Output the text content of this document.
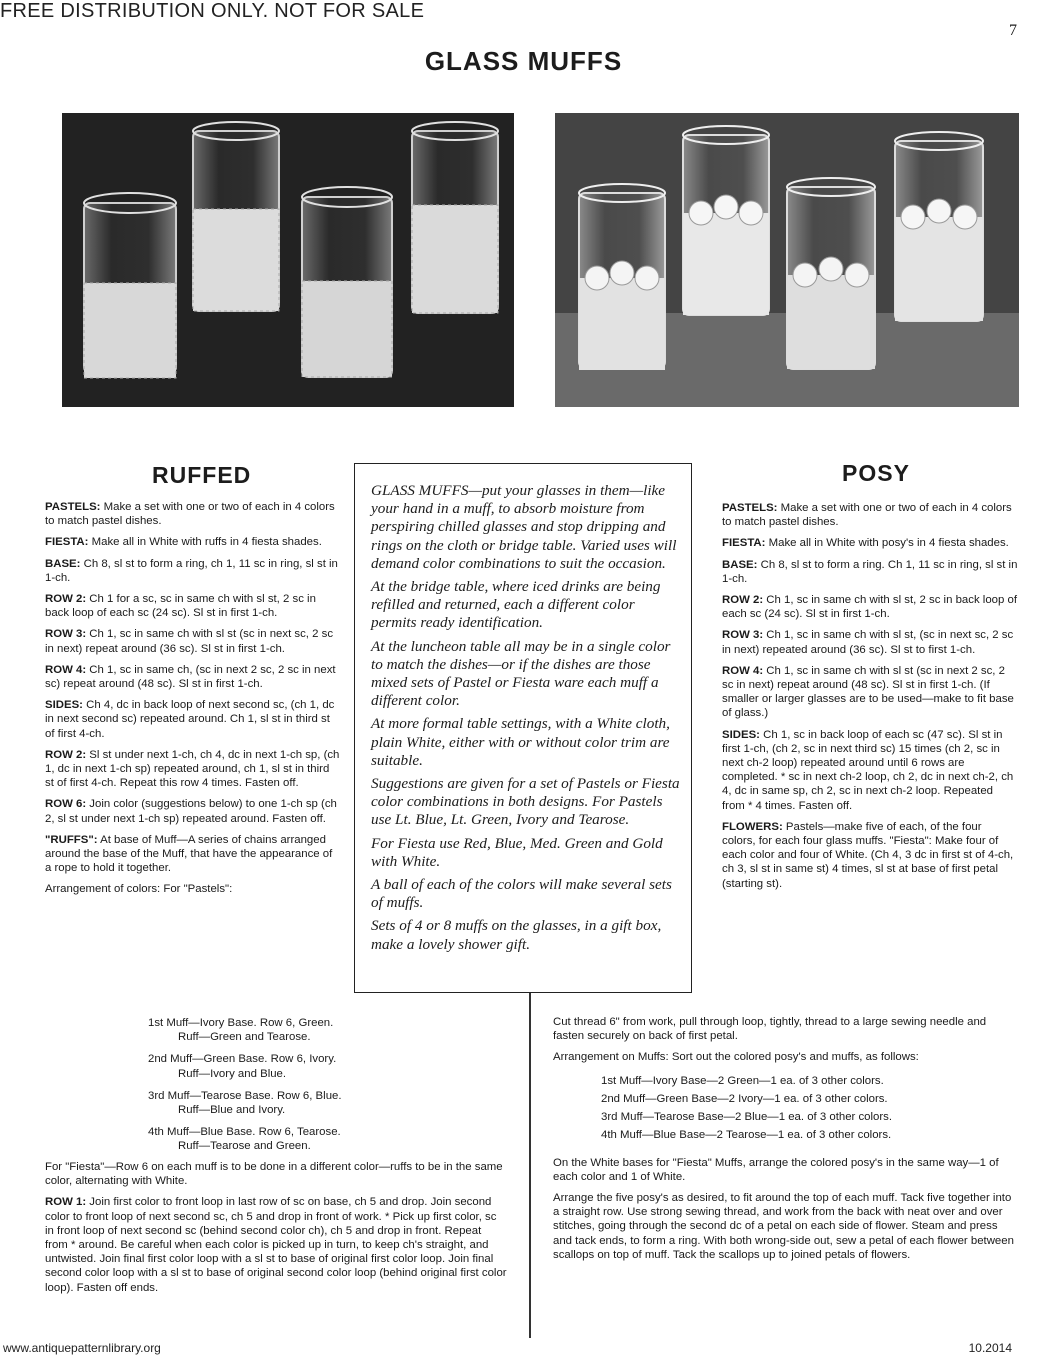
FREE DISTRIBUTION ONLY. NOT FOR SALE
7
GLASS MUFFS
RUFFED

PASTELS: Make a set with one or two of each in 4 colors to match pastel dishes.

FIESTA: Make all in White with ruffs in 4 fiesta shades.

BASE: Ch 8, sl st to form a ring, ch 1, 11 sc in ring, sl st in 1-ch.

ROW 2: Ch 1 for a sc, sc in same ch with sl st, 2 sc in back loop of each sc (24 sc). Sl st in first 1-ch.

ROW 3: Ch 1, sc in same ch with sl st (sc in next sc, 2 sc in next) repeat around (36 sc). Sl st in first 1-ch.

ROW 4: Ch 1, sc in same ch, (sc in next 2 sc, 2 sc in next sc) repeat around (48 sc). Sl st in first 1-ch.

SIDES: Ch 4, dc in back loop of next second sc, (ch 1, dc in next second sc) repeated around. Ch 1, sl st in third st of first 4-ch.

ROW 2: Sl st under next 1-ch, ch 4, dc in next 1-ch sp, (ch 1, dc in next 1-ch sp) repeated around, ch 1, sl st in third st of first 4-ch. Repeat this row 4 times. Fasten off.

ROW 6: Join color (suggestions below) to one 1-ch sp (ch 2, sl st under next 1-ch sp) repeated around. Fasten off.

"RUFFS": At base of Muff—A series of chains arranged around the base of the Muff, that have the appearance of a rope to hold it together.

Arrangement of colors: For "Pastels":

1st Muff—Ivory Base. Row 6, Green.
Ruff—Green and Tearose.
2nd Muff—Green Base. Row 6, Ivory.
Ruff—Ivory and Blue.
3rd Muff—Tearose Base. Row 6, Blue.
Ruff—Blue and Ivory.
4th Muff—Blue Base. Row 6, Tearose.
Ruff—Tearose and Green.

For "Fiesta"—Row 6 on each muff is to be done in a different color—ruffs to be in the same color, alternating with White.

ROW 1: Join first color to front loop in last row of sc on base, ch 5 and drop. Join second color to front loop of next second sc, ch 5 and drop in front of work. * Pick up first color, sc in front loop of next second sc (behind second color ch), ch 5 and drop in front. Repeat from * around. Be careful when each color is picked up in turn, to keep ch's straight, and untwisted. Join final first color loop with a sl st to base of original first color loop. Join final second color loop with a sl st to base of original second color loop (behind original first color loop). Fasten off ends.

GLASS MUFFS—put your glasses in them—like your hand in a muff, to absorb moisture from perspiring chilled glasses and stop dripping and rings on the cloth or bridge table. Varied uses will demand color combinations to suit the occasion.

At the bridge table, where iced drinks are being refilled and returned, each a different color permits ready identification.

At the luncheon table all may be in a single color to match the dishes—or if the dishes are those mixed sets of Pastel or Fiesta ware each muff a different color.

At more formal table settings, with a White cloth, plain White, either with or without color trim are suitable.

Suggestions are given for a set of Pastels or Fiesta color combinations in both designs. For Pastels use Lt. Blue, Lt. Green, Ivory and Tearose.

For Fiesta use Red, Blue, Med. Green and Gold with White.

A ball of each of the colors will make several sets of muffs.

Sets of 4 or 8 muffs on the glasses, in a gift box, make a lovely shower gift.

POSY

PASTELS: Make a set with one or two of each in 4 colors to match pastel dishes.

FIESTA: Make all in White with posy's in 4 fiesta shades.

BASE: Ch 8, sl st to form a ring. Ch 1, 11 sc in ring, sl st in 1-ch.

ROW 2: Ch 1, sc in same ch with sl st, 2 sc in back loop of each sc (24 sc). Sl st in first 1-ch.

ROW 3: Ch 1, sc in same ch with sl st, (sc in next sc, 2 sc in next) repeated around (36 sc). Sl st to first 1-ch.

ROW 4: Ch 1, sc in same ch with sl st (sc in next 2 sc, 2 sc in next) repeat around (48 sc). Sl st in first 1-ch. (If smaller or larger glasses are to be used—make to fit base of glass.)

SIDES: Ch 1, sc in back loop of each sc (47 sc). Sl st in first 1-ch, (ch 2, sc in next third sc) 15 times (ch 2, sc in next ch-2 loop) repeated around until 6 rows are completed. * sc in next ch-2 loop, ch 2, dc in next ch-2, ch 4, dc in same sp, ch 2, sc in next ch-2 loop. Repeated from * 4 times. Fasten off.

FLOWERS: Pastels—make five of each, of the four colors, for each four glass muffs. "Fiesta": Make four of each color and four of White. (Ch 4, 3 dc in first st of 4-ch, ch 3, sl st in same st) 4 times, sl st at base of first petal (starting st).

Cut thread 6" from work, pull through loop, tightly, thread to a large sewing needle and fasten securely on back of first petal.

Arrangement on Muffs: Sort out the colored posy's and muffs, as follows:

1st Muff—Ivory Base—2 Green—1 ea. of 3 other colors.
2nd Muff—Green Base—2 Ivory—1 ea. of 3 other colors.
3rd Muff—Tearose Base—2 Blue—1 ea. of 3 other colors.
4th Muff—Blue Base—2 Tearose—1 ea. of 3 other colors.

On the White bases for "Fiesta" Muffs, arrange the colored posy's in the same way—1 of each color and 1 of White.

Arrange the five posy's as desired, to fit around the top of each muff. Tack five together into a straight row. Use strong sewing thread, and work from the back with neat over and over stitches, going through the second dc of a petal on each side of flower. Steam and press and tack ends, to form a ring. With both wrong-side out, sew a petal of each flower between scallops on top of muff. Tack the scallops up to joined petals of flowers.

www.antiquepatternlibrary.org	10.2014
